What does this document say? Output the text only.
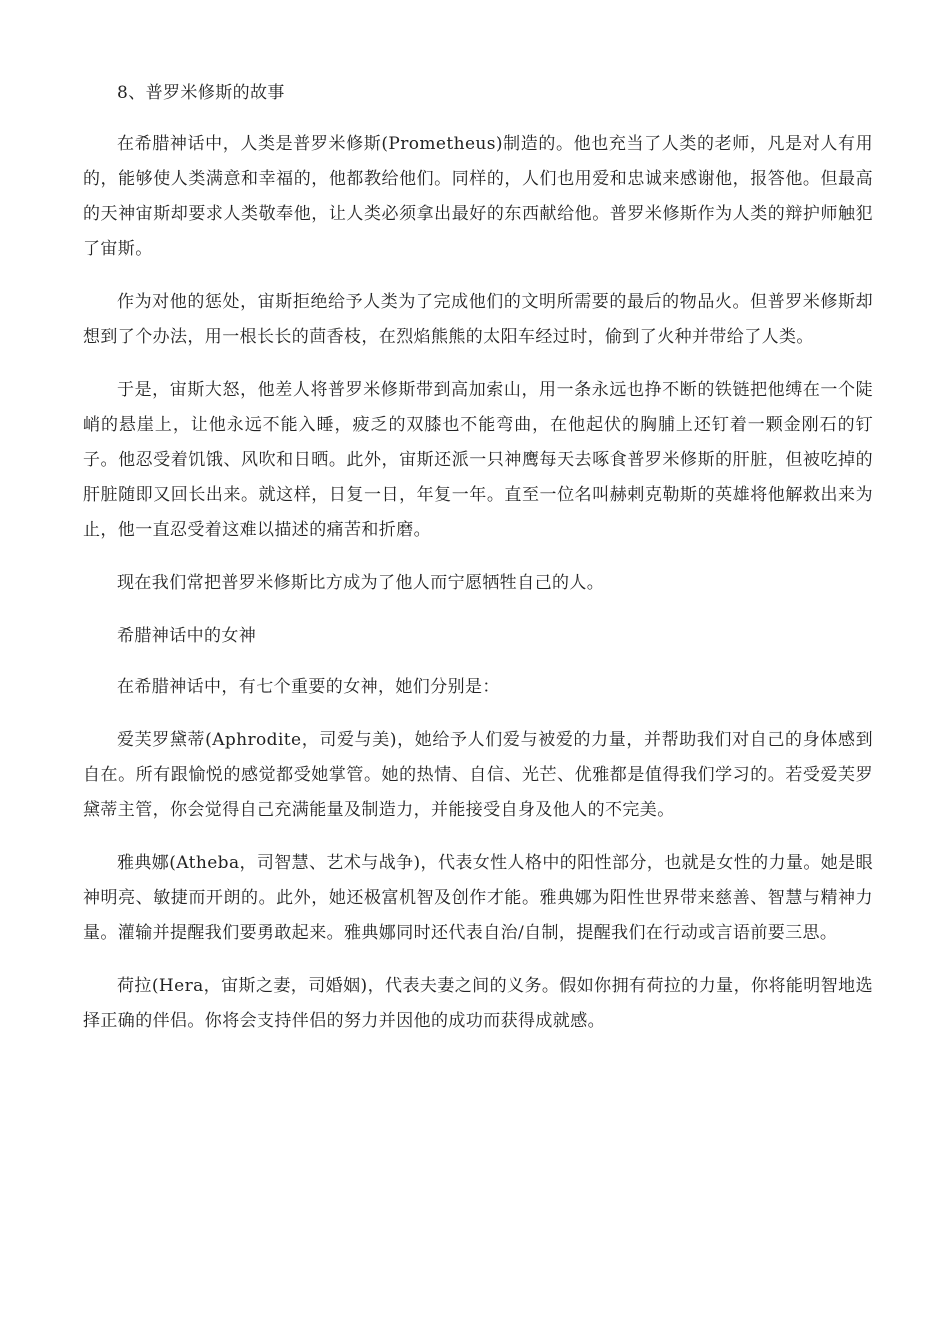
8、普罗米修斯的故事

在希腊神话中，人类是普罗米修斯(Prometheus)制造的。他也充当了人类的老师，凡是对人有用的，能够使人类满意和幸福的，他都教给他们。同样的，人们也用爱和忠诚来感谢他，报答他。但最高的天神宙斯却要求人类敬奉他，让人类必须拿出最好的东西献给他。普罗米修斯作为人类的辩护师触犯了宙斯。

作为对他的惩处，宙斯拒绝给予人类为了完成他们的文明所需要的最后的物品火。但普罗米修斯却想到了个办法，用一根长长的茴香枝，在烈焰熊熊的太阳车经过时，偷到了火种并带给了人类。

于是，宙斯大怒，他差人将普罗米修斯带到高加索山，用一条永远也挣不断的铁链把他缚在一个陡峭的悬崖上，让他永远不能入睡，疲乏的双膝也不能弯曲，在他起伏的胸脯上还钉着一颗金刚石的钉子。他忍受着饥饿、风吹和日晒。此外，宙斯还派一只神鹰每天去啄食普罗米修斯的肝脏，但被吃掉的肝脏随即又回长出来。就这样，日复一日，年复一年。直至一位名叫赫剌克勒斯的英雄将他解救出来为止，他一直忍受着这难以描述的痛苦和折磨。

现在我们常把普罗米修斯比方成为了他人而宁愿牺牲自己的人。

希腊神话中的女神

在希腊神话中，有七个重要的女神，她们分别是：

爱芙罗黛蒂(Aphrodite，司爱与美)，她给予人们爱与被爱的力量，并帮助我们对自己的身体感到自在。所有跟愉悦的感觉都受她掌管。她的热情、自信、光芒、优雅都是值得我们学习的。若受爱芙罗黛蒂主管，你会觉得自己充满能量及制造力，并能接受自身及他人的不完美。

雅典娜(Atheba，司智慧、艺术与战争)，代表女性人格中的阳性部分，也就是女性的力量。她是眼神明亮、敏捷而开朗的。此外，她还极富机智及创作才能。雅典娜为阳性世界带来慈善、智慧与精神力量。灌输并提醒我们要勇敢起来。雅典娜同时还代表自治/自制，提醒我们在行动或言语前要三思。

荷拉(Hera，宙斯之妻，司婚姻)，代表夫妻之间的义务。假如你拥有荷拉的力量，你将能明智地选择正确的伴侣。你将会支持伴侣的努力并因他的成功而获得成就感。
